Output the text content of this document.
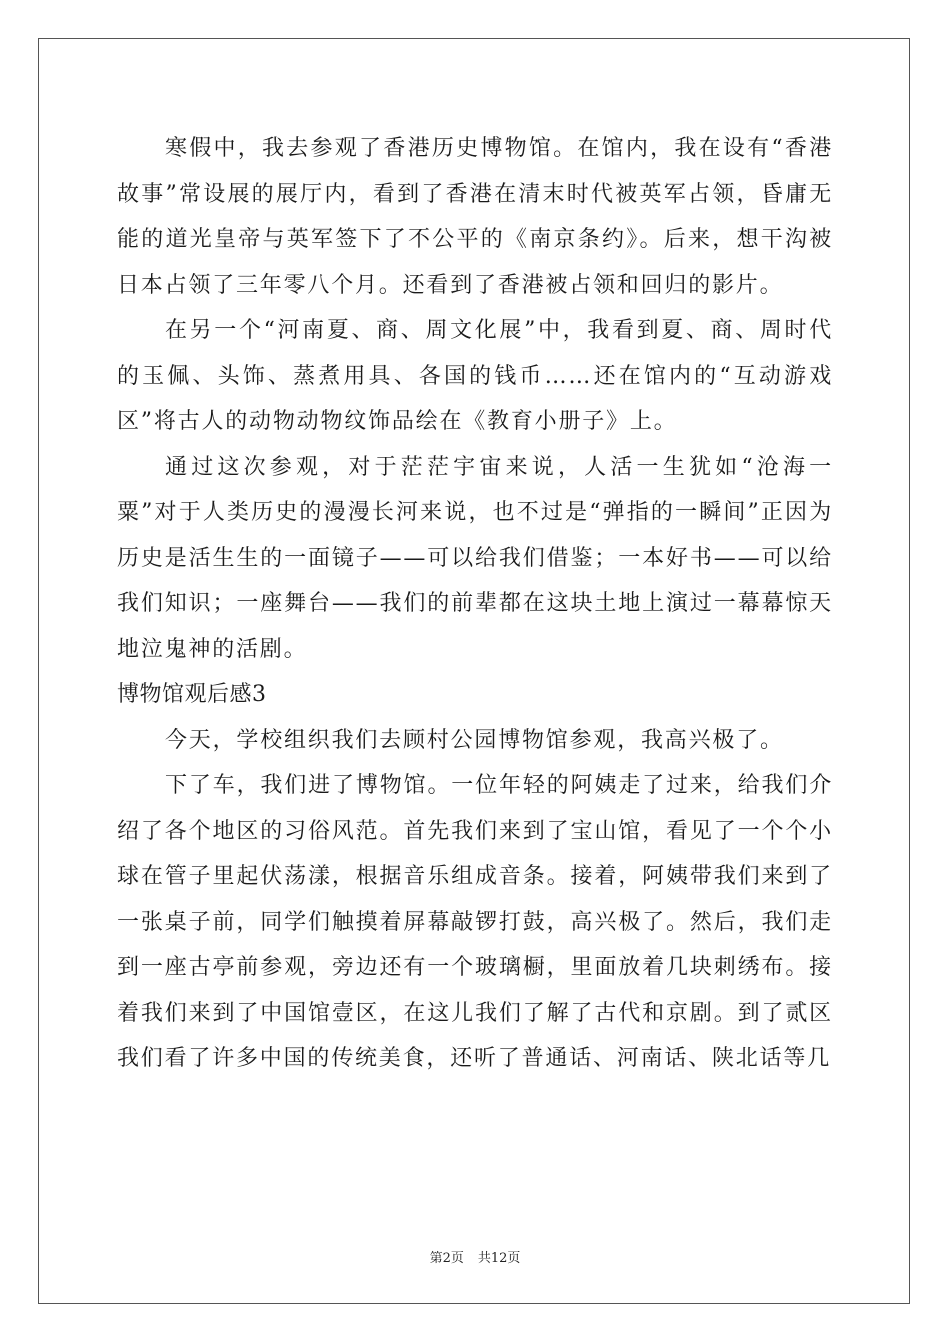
寒假中，我去参观了香港历史博物馆。在馆内，我在设有“香港故事”常设展的展厅内，看到了香港在清末时代被英军占领，昏庸无能的道光皇帝与英军签下了不公平的《南京条约》。后来，想干沟被日本占领了三年零八个月。还看到了香港被占领和回归的影片。

在另一个“河南夏、商、周文化展”中，我看到夏、商、周时代的玉佩、头饰、蒸煮用具、各国的钱币……还在馆内的“互动游戏区”将古人的动物动物纹饰品绘在《教育小册子》上。

通过这次参观，对于茫茫宇宙来说，人活一生犹如“沧海一粟”对于人类历史的漫漫长河来说，也不过是“弹指的一瞬间”正因为历史是活生生的一面镜子——可以给我们借鉴；一本好书——可以给我们知识；一座舞台——我们的前辈都在这块土地上演过一幕幕惊天地泣鬼神的活剧。

博物馆观后感3

今天，学校组织我们去顾村公园博物馆参观，我高兴极了。

下了车，我们进了博物馆。一位年轻的阿姨走了过来，给我们介绍了各个地区的习俗风范。首先我们来到了宝山馆，看见了一个个小球在管子里起伏荡漾，根据音乐组成音条。接着，阿姨带我们来到了一张桌子前，同学们触摸着屏幕敲锣打鼓，高兴极了。然后，我们走到一座古亭前参观，旁边还有一个玻璃橱，里面放着几块刺绣布。接着我们来到了中国馆壹区，在这儿我们了解了古代和京剧。到了贰区我们看了许多中国的传统美食，还听了普通话、河南话、陕北话等几

第2页 共12页
